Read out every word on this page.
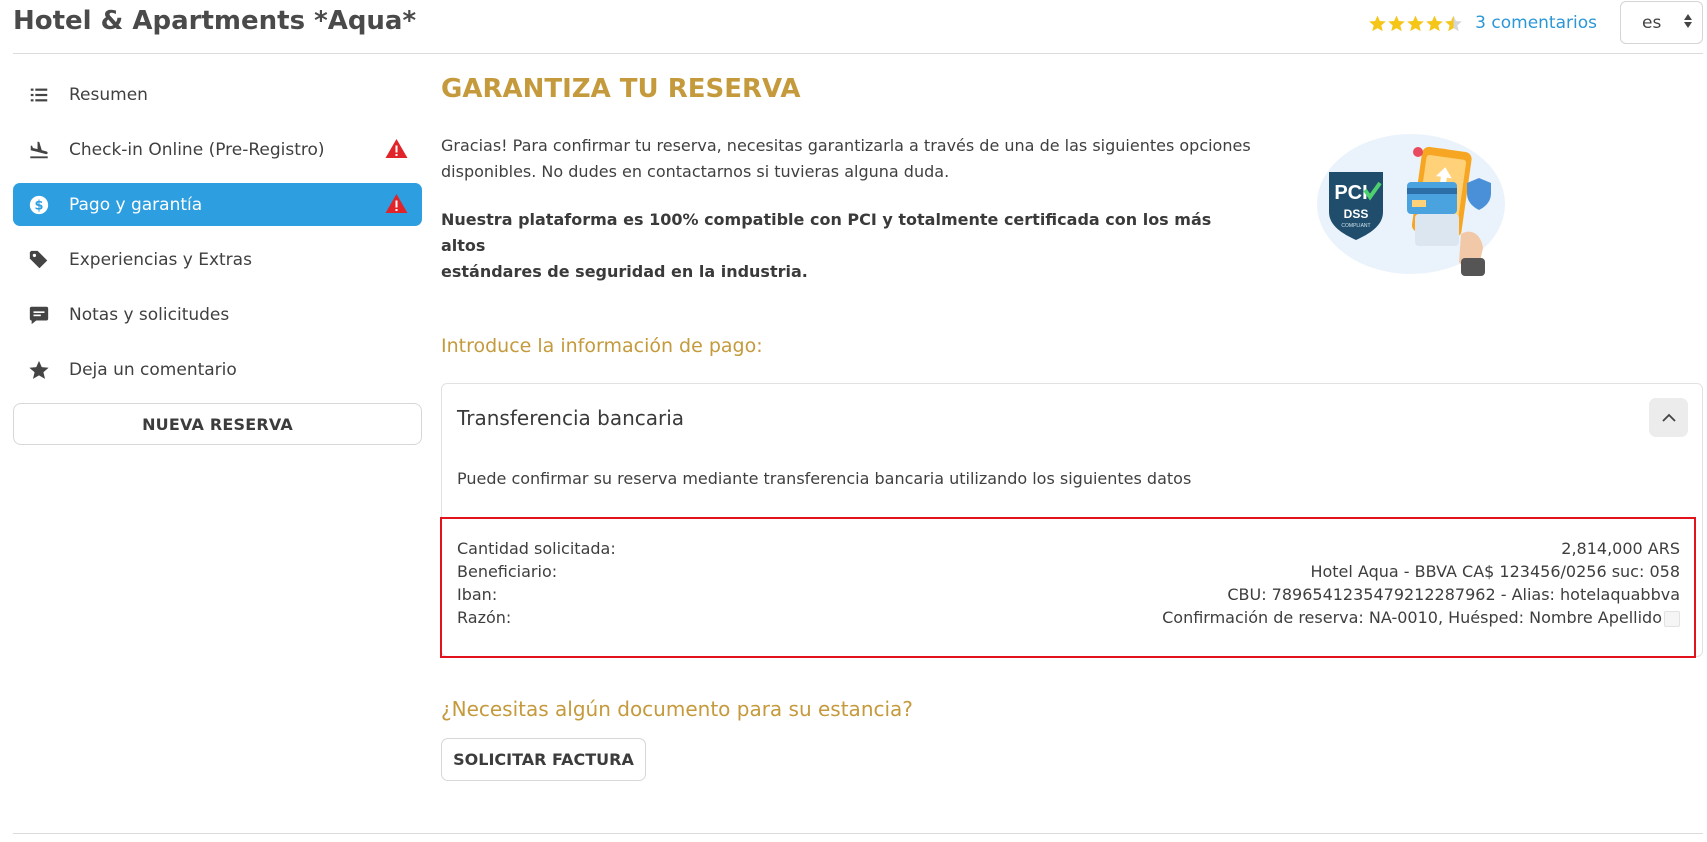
Hotel & Apartments *Aqua*	3 comentarios	es
Resumen
Check-in Online (Pre-Registro)
$ Pago y garantía
Experiencias y Extras
Notas y solicitudes
Deja un comentario
NUEVA RESERVA
GARANTIZA TU RESERVA
Gracias! Para confirmar tu reserva, necesitas garantizarla a través de una de las siguientes opciones
disponibles. No dudes en contactarnos si tuvieras alguna duda.
Nuestra plataforma es 100% compatible con PCI y totalmente certificada con los más altos
estándares de seguridad en la industria.
PCI
DSS
COMPLIANT
Introduce la información de pago:
Transferencia bancaria
Puede confirmar su reserva mediante transferencia bancaria utilizando los siguientes datos
Cantidad solicitada:	2,814,000 ARS
Beneficiario:	Hotel Aqua - BBVA CA$ 123456/0256 suc: 058
Iban:	CBU: 7896541235479212287962 - Alias: hotelaquabbva
Razón:	Confirmación de reserva: NA-0010, Huésped: Nombre Apellido
¿Necesitas algún documento para su estancia?
SOLICITAR FACTURA
